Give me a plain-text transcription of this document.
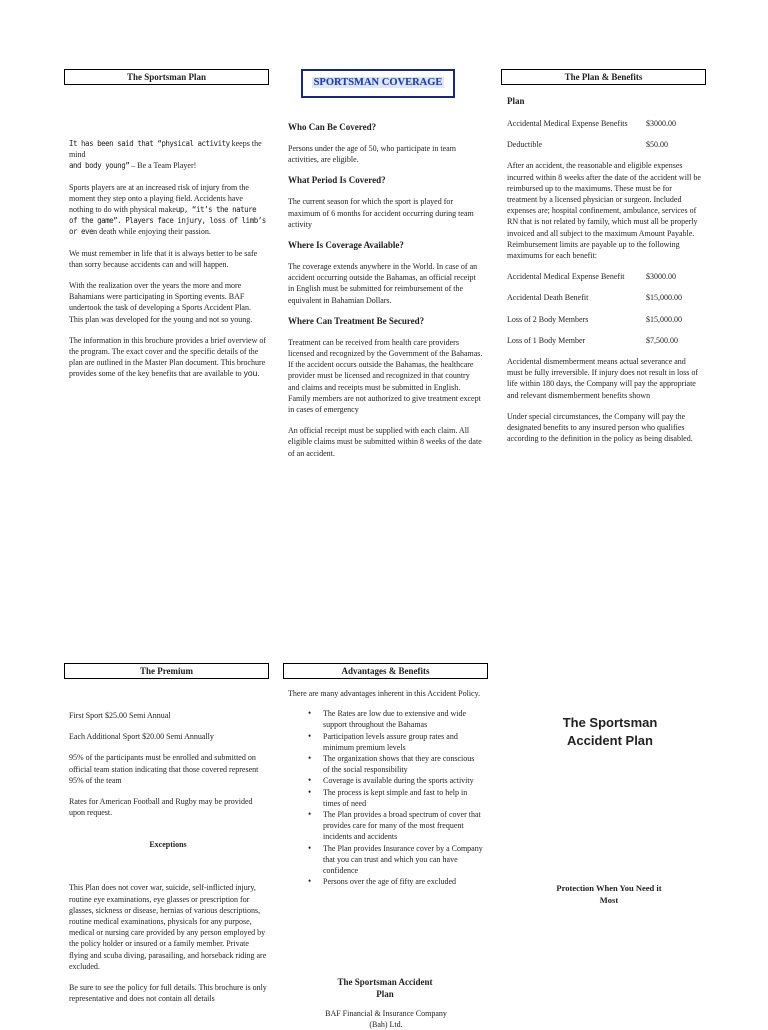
The Sportsman Plan

It has been said that “physical activity keeps the mind
and body young” – Be a Team Player!

Sports players are at an increased risk of injury from the moment they step onto a playing field. Accidents have nothing to do with physical makeup, “it’s the nature of the game”. Players face injury, loss of limb’s or even death while enjoying their passion.

We must remember in life that it is always better to be safe than sorry because accidents can and will happen.

With the realization over the years the more and more Bahamians were participating in Sporting events. BAF undertook the task of developing a Sports Accident Plan. This plan was developed for the young and not so young.

The information in this brochure provides a brief overview of the program. The exact cover and the specific details of the plan are outlined in the Master Plan document. This brochure provides some of the key benefits that are available to you.

SPORTSMAN COVERAGE
Who Can Be Covered?

Persons under the age of 50, who participate in team activities, are eligible.

What Period Is Covered?

The current season for which the sport is played for maximum of 6 months for accident occurring during team activity

Where Is Coverage Available?

The coverage extends anywhere in the World. In case of an accident occurring outside the Bahamas, an official receipt in English must be submitted for reimbursement of the equivalent in Bahamian Dollars.

Where Can Treatment Be Secured?

Treatment can be received from health care providers licensed and recognized by the Government of the Bahamas. If the accident occurs outside the Bahamas, the healthcare provider must be licensed and recognized in that country and claims and receipts must be submitted in English. Family members are not authorized to give treatment except in cases of emergency

An official receipt must be supplied with each claim. All eligible claims must be submitted within 8 weeks of the date of an accident.

The Plan & Benefits
Plan
Accidental Medical Expense Benefits $3000.00
Deductible	$50.00

After an accident, the reasonable and eligible expenses incurred within 8 weeks after the date of the accident will be reimbursed up to the maximums. These must be for treatment by a licensed physician or surgeon. Included expenses are; hospital confinement, ambulance, services of RN that is not related by family, which must all be properly invoiced and all subject to the maximum Amount Payable. Reimbursement limits are payable up to the following maximums for each benefit:

Accidental Medical Expense Benefit	$3000.00
Accidental Death Benefit	$15,000.00
Loss of 2 Body Members	$15,000.00
Loss of 1 Body Member	$7,500.00

Accidental dismemberment means actual severance and must be fully irreversible. If injury does not result in loss of life within 180 days, the Company will pay the appropriate and relevant dismemberment benefits shown

Under special circumstances, the Company will pay the designated benefits to any insured person who qualifies according to the definition in the policy as being disabled.

The Premium

First Sport $25.00 Semi Annual

Each Additional Sport $20.00 Semi Annually

95% of the participants must be enrolled and submitted on official team station indicating that those covered represent 95% of the team

Rates for American Football and Rugby may be provided upon request.

Exceptions

This Plan does not cover war, suicide, self-inflicted injury, routine eye examinations, eye glasses or prescription for glasses, sickness or disease, hernias of various descriptions, routine medical examinations, physicals for any purpose, medical or nursing care provided by any person employed by the policy holder or insured or a family member. Private flying and scuba diving, parasailing, and horseback riding are excluded.

Be sure to see the policy for full details. This brochure is only representative and does not contain all details

Advantages & Benefits

There are many advantages inherent in this Accident Policy.

• The Rates are low due to extensive and wide support throughout the Bahamas
• Participation levels assure group rates and minimum premium levels
• The organization shows that they are conscious of the social responsibility
• Coverage is available during the sports activity
• The process is kept simple and fast to help in times of need
• The Plan provides a broad spectrum of cover that provides care for many of the most frequent incidents and accidents
• The Plan provides Insurance cover by a Company that you can trust and which you can have confidence
• Persons over the age of fifty are excluded
The Sportsman Accident Plan

BAF Financial & Insurance Company (Bah) Ltd.

The Sportsman Accident Plan
Protection When You Need it Most
